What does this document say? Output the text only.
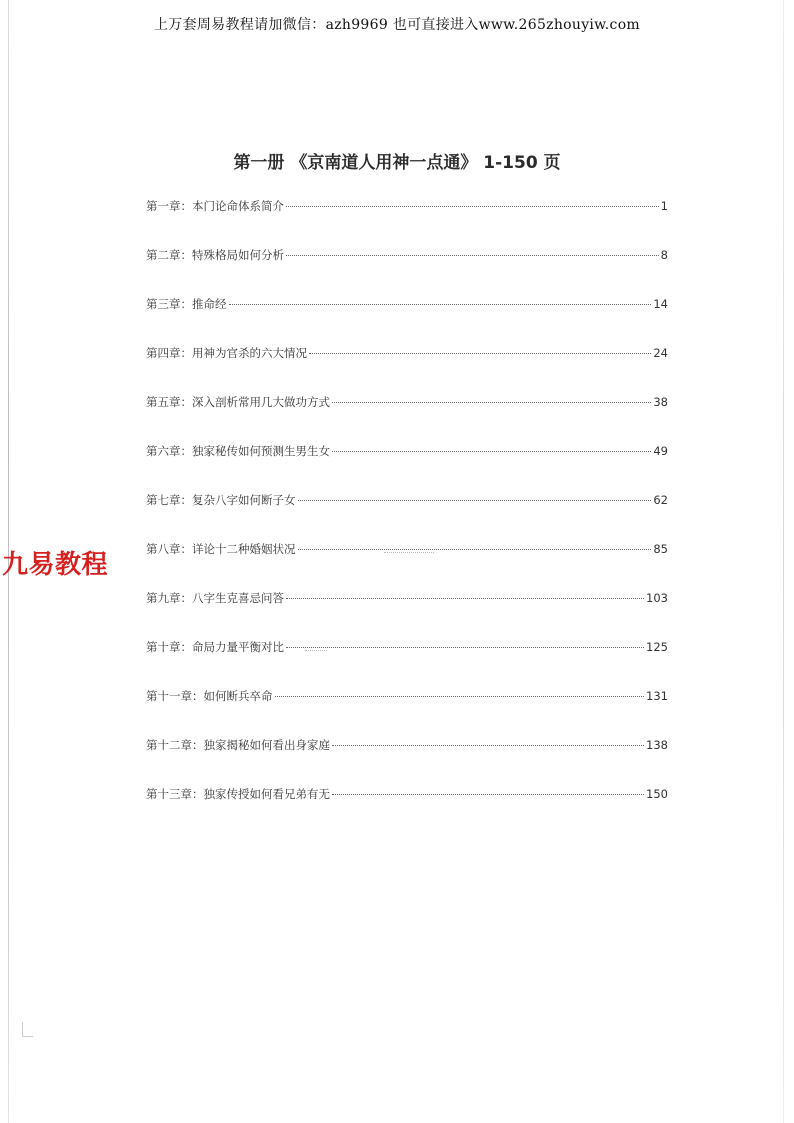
上万套周易教程请加微信：azh9969 也可直接进入www.265zhouyiw.com
第一册 《京南道人用神一点通》 1-150 页
第一章：本门论命体系简介	1
第二章：特殊格局如何分析	8
第三章：推命经	14
第四章：用神为官杀的六大情况	24
第五章：深入剖析常用几大做功方式	38
第六章：独家秘传如何预测生男生女	49
第七章：复杂八字如何断子女	62
第八章：详论十二种婚姻状况	85
第九章：八字生克喜忌问答	103
第十章：命局力量平衡对比	125
第十一章：如何断兵卒命	131
第十二章：独家揭秘如何看出身家庭	138
第十三章：独家传授如何看兄弟有无	150
九易教程
